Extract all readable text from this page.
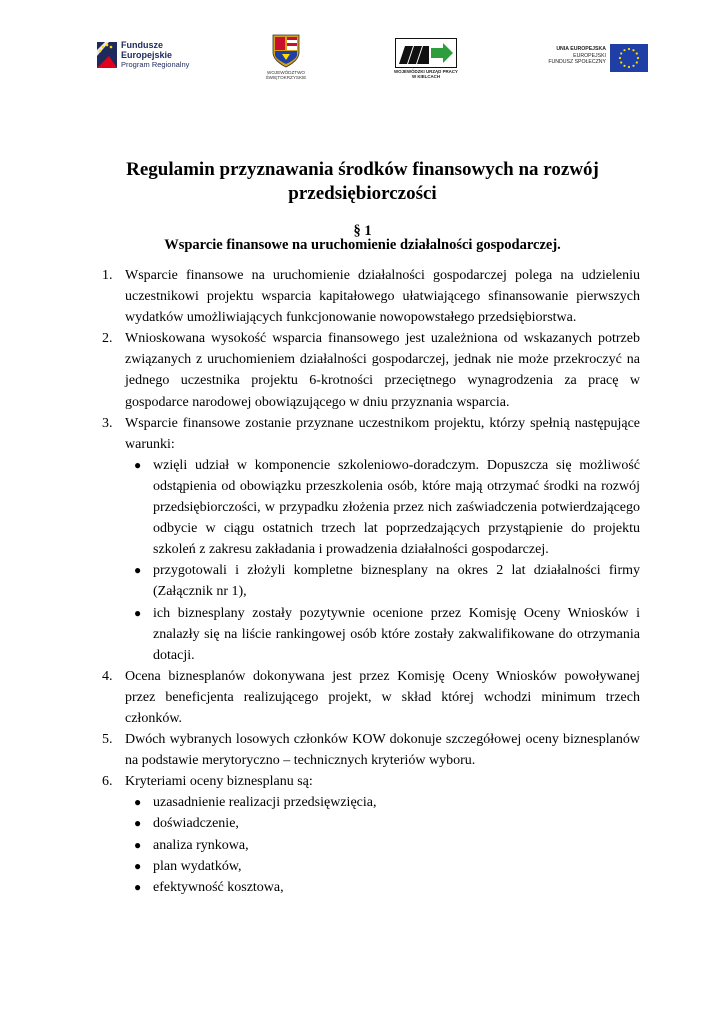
Fundusze
Europejskie
Program Regionalny
WOJEWÓDZTWO
ŚWIĘTOKRZYSKIE
WOJEWÓDZKI URZĄD PRACY
W KIELCACH
UNIA EUROPEJSKA
EUROPEJSKI
FUNDUSZ SPOŁECZNY
Regulamin przyznawania środków finansowych na rozwój przedsiębiorczości
§ 1
Wsparcie finansowe na uruchomienie działalności gospodarczej.
1. Wsparcie finansowe na uruchomienie działalności gospodarczej polega na udzieleniu uczestnikowi projektu wsparcia kapitałowego ułatwiającego sfinansowanie pierwszych wydatków umożliwiających funkcjonowanie nowopowstałego przedsiębiorstwa.
2. Wnioskowana wysokość wsparcia finansowego jest uzależniona od wskazanych potrzeb związanych z uruchomieniem działalności gospodarczej, jednak nie może przekroczyć na jednego uczestnika projektu 6-krotności przeciętnego wynagrodzenia za pracę w gospodarce narodowej obowiązującego w dniu przyznania wsparcia.
3. Wsparcie finansowe zostanie przyznane uczestnikom projektu, którzy spełnią następujące warunki:
● wzięli udział w komponencie szkoleniowo-doradczym. Dopuszcza się możliwość odstąpienia od obowiązku przeszkolenia osób, które mają otrzymać środki na rozwój przedsiębiorczości, w przypadku złożenia przez nich zaświadczenia potwierdzającego odbycie w ciągu ostatnich trzech lat poprzedzających przystąpienie do projektu szkoleń z zakresu zakładania i prowadzenia działalności gospodarczej.
● przygotowali i złożyli kompletne biznesplany na okres 2 lat działalności firmy (Załącznik nr 1),
● ich biznesplany zostały pozytywnie ocenione przez Komisję Oceny Wniosków i znalazły się na liście rankingowej osób które zostały zakwalifikowane do otrzymania dotacji.
4. Ocena biznesplanów dokonywana jest przez Komisję Oceny Wniosków powoływanej przez beneficjenta realizującego projekt, w skład której wchodzi minimum trzech członków.
5. Dwóch wybranych losowych członków KOW dokonuje szczegółowej oceny biznesplanów na podstawie merytoryczno – technicznych kryteriów wyboru.
6. Kryteriami oceny biznesplanu są:
● uzasadnienie realizacji przedsięwzięcia,
● doświadczenie,
● analiza rynkowa,
● plan wydatków,
● efektywność kosztowa,
